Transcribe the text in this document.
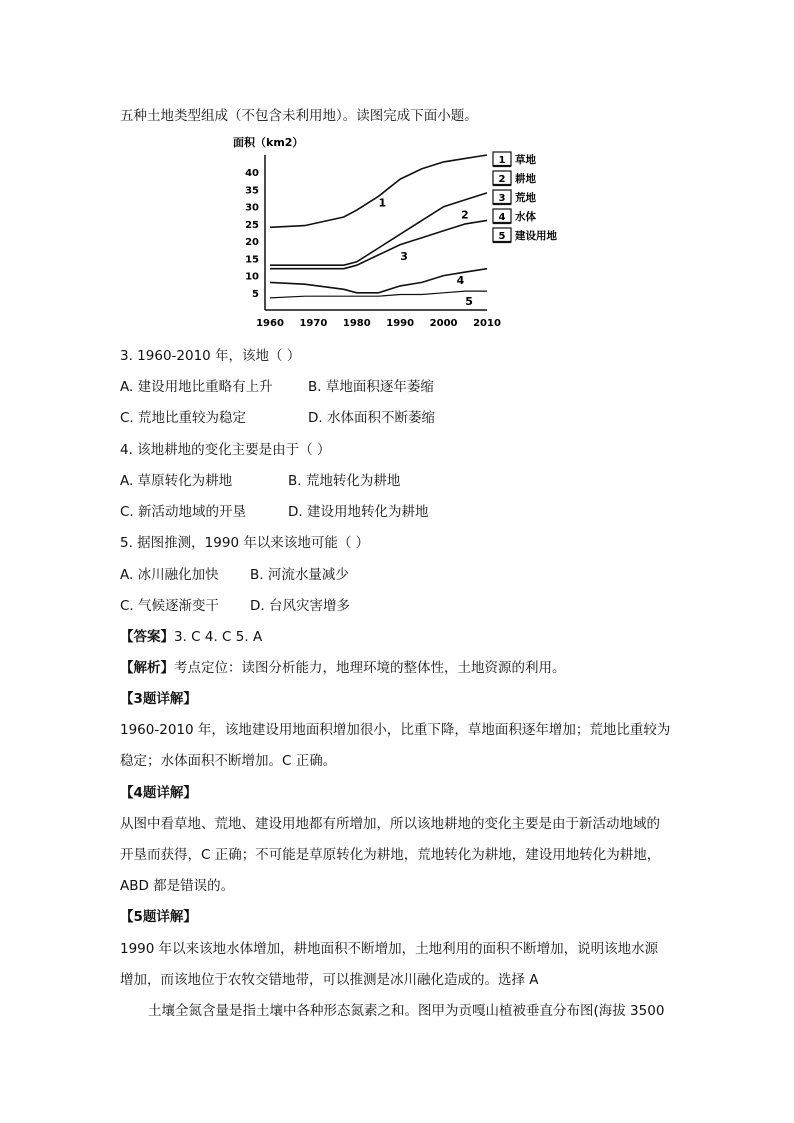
五种土地类型组成（不包含未利用地）。读图完成下面小题。
面积（km2）
5
10
15
20
25
30
35
40
1960 1970 1980 1990 2000 2010
1
2
3
4
5
1 草地
2 耕地
3 荒地
4 水体
5 建设用地
3. 1960-2010 年，该地（ ）
A. 建设用地比重略有上升	B. 草地面积逐年萎缩
C. 荒地比重较为稳定	D. 水体面积不断萎缩
4. 该地耕地的变化主要是由于（ ）
A. 草原转化为耕地	B. 荒地转化为耕地
C. 新活动地域的开垦	D. 建设用地转化为耕地
5. 据图推测，1990 年以来该地可能（ ）
A. 冰川融化加快 B. 河流水量减少
C. 气候逐渐变干 D. 台风灾害增多
【答案】3. C 4. C 5. A
【解析】考点定位：读图分析能力，地理环境的整体性，土地资源的利用。
【3题详解】
1960-2010 年，该地建设用地面积增加很小，比重下降，草地面积逐年增加；荒地比重较为
稳定；水体面积不断增加。C 正确。
【4题详解】
从图中看草地、荒地、建设用地都有所增加，所以该地耕地的变化主要是由于新活动地域的
开垦而获得，C 正确；不可能是草原转化为耕地，荒地转化为耕地，建设用地转化为耕地，
ABD 都是错误的。
【5题详解】
1990 年以来该地水体增加，耕地面积不断增加，土地利用的面积不断增加，说明该地水源
增加，而该地位于农牧交错地带，可以推测是冰川融化造成的。选择 A
土壤全氮含量是指土壤中各种形态氮素之和。图甲为贡嘎山植被垂直分布图(海拔 3500
